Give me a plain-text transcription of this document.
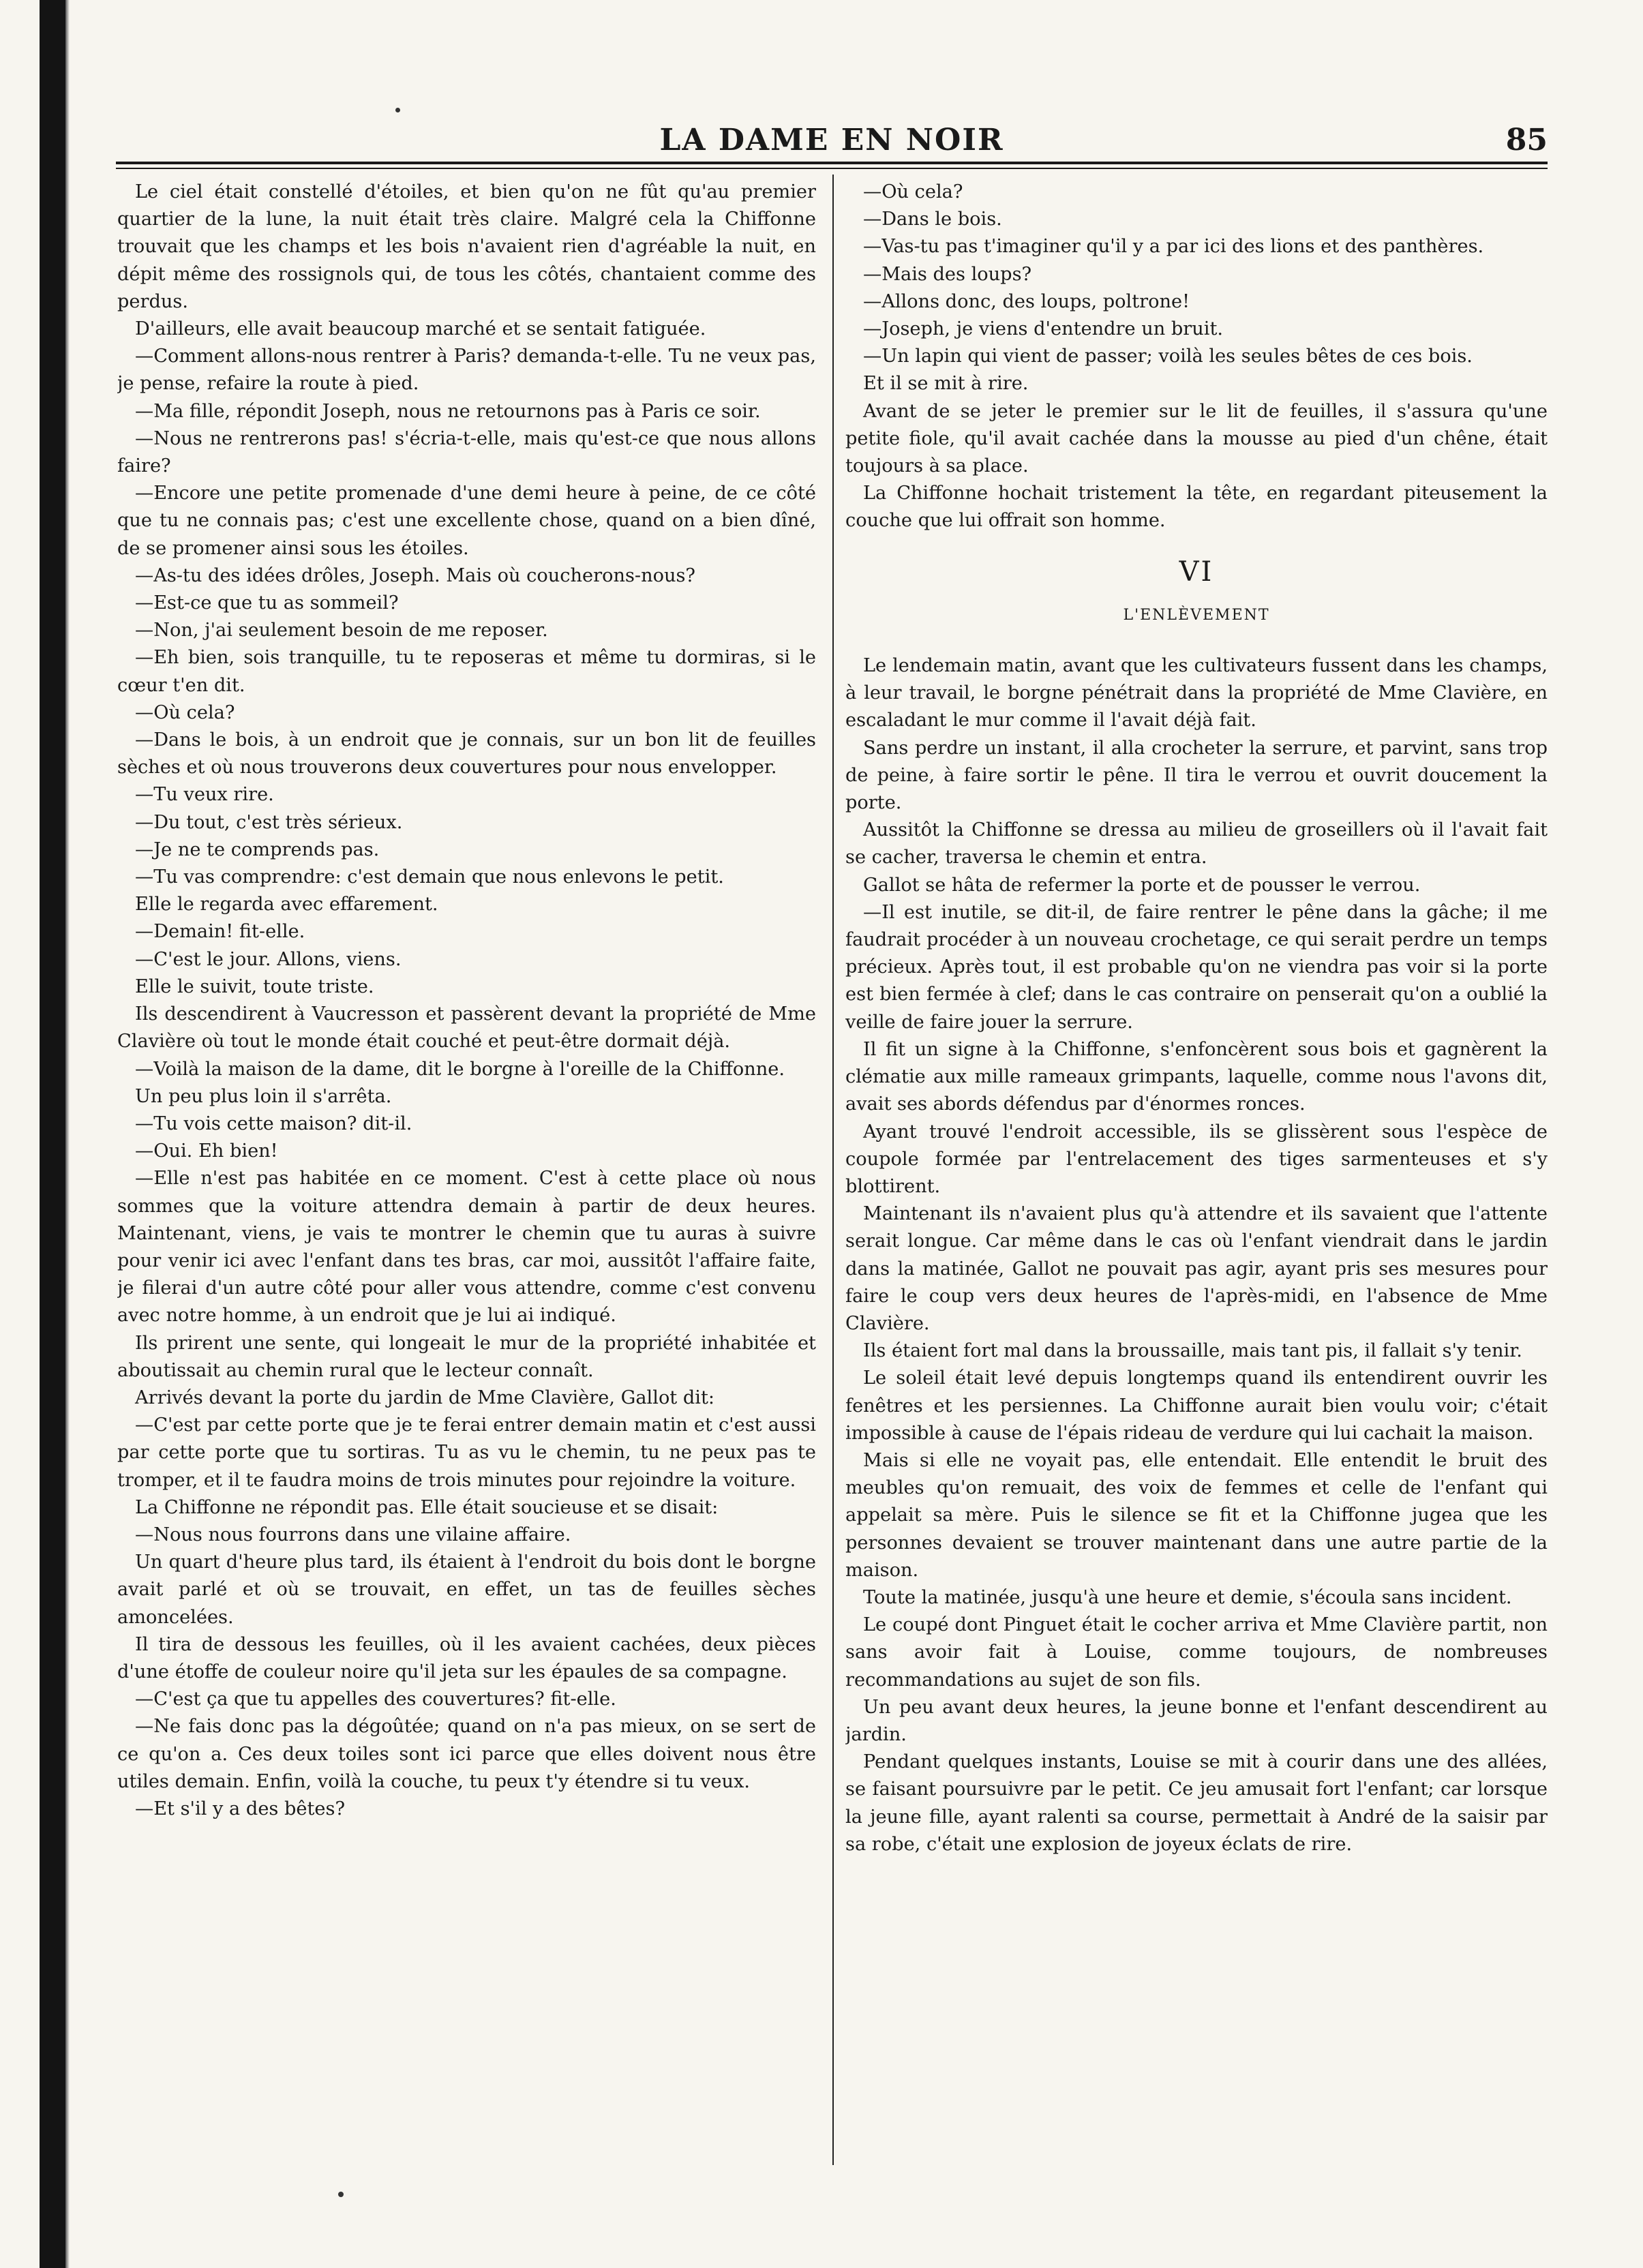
LA DAME EN NOIR	85

Le ciel était constellé d'étoiles, et bien qu'on ne fût qu'au premier quartier de la lune, la nuit était très claire. Malgré cela la Chiffonne trouvait que les champs et les bois n'avaient rien d'agréable la nuit, en dépit même des rossignols qui, de tous les côtés, chantaient comme des perdus.

D'ailleurs, elle avait beaucoup marché et se sentait fatiguée.

—Comment allons-nous rentrer à Paris? demanda-t-elle. Tu ne veux pas, je pense, refaire la route à pied.

—Ma fille, répondit Joseph, nous ne retournons pas à Paris ce soir.

—Nous ne rentrerons pas! s'écria-t-elle, mais qu'est-ce que nous allons faire?

—Encore une petite promenade d'une demi heure à peine, de ce côté que tu ne connais pas; c'est une excellente chose, quand on a bien dîné, de se promener ainsi sous les étoiles.

—As-tu des idées drôles, Joseph. Mais où coucherons-nous?

—Est-ce que tu as sommeil?

—Non, j'ai seulement besoin de me reposer.

—Eh bien, sois tranquille, tu te reposeras et même tu dormiras, si le cœur t'en dit.

—Où cela?

—Dans le bois, à un endroit que je connais, sur un bon lit de feuilles sèches et où nous trouverons deux couvertures pour nous envelopper.

—Tu veux rire.

—Du tout, c'est très sérieux.

—Je ne te comprends pas.

—Tu vas comprendre: c'est demain que nous enlevons le petit.

Elle le regarda avec effarement.

—Demain! fit-elle.

—C'est le jour. Allons, viens.

Elle le suivit, toute triste.

Ils descendirent à Vaucresson et passèrent devant la propriété de Mme Clavière où tout le monde était couché et peut-être dormait déjà.

—Voilà la maison de la dame, dit le borgne à l'oreille de la Chiffonne.

Un peu plus loin il s'arrêta.

—Tu vois cette maison? dit-il.

—Oui. Eh bien!

—Elle n'est pas habitée en ce moment. C'est à cette place où nous sommes que la voiture attendra demain à partir de deux heures. Maintenant, viens, je vais te montrer le chemin que tu auras à suivre pour venir ici avec l'enfant dans tes bras, car moi, aussitôt l'affaire faite, je filerai d'un autre côté pour aller vous attendre, comme c'est convenu avec notre homme, à un endroit que je lui ai indiqué.

Ils prirent une sente, qui longeait le mur de la propriété inhabitée et aboutissait au chemin rural que le lecteur connaît.

Arrivés devant la porte du jardin de Mme Clavière, Gallot dit:

—C'est par cette porte que je te ferai entrer demain matin et c'est aussi par cette porte que tu sortiras. Tu as vu le chemin, tu ne peux pas te tromper, et il te faudra moins de trois minutes pour rejoindre la voiture.

La Chiffonne ne répondit pas. Elle était soucieuse et se disait:

—Nous nous fourrons dans une vilaine affaire.

Un quart d'heure plus tard, ils étaient à l'endroit du bois dont le borgne avait parlé et où se trouvait, en effet, un tas de feuilles sèches amoncelées.

Il tira de dessous les feuilles, où il les avaient cachées, deux pièces d'une étoffe de couleur noire qu'il jeta sur les épaules de sa compagne.

—C'est ça que tu appelles des couvertures? fit-elle.

—Ne fais donc pas la dégoûtée; quand on n'a pas mieux, on se sert de ce qu'on a. Ces deux toiles sont ici parce que elles doivent nous être utiles demain. Enfin, voilà la couche, tu peux t'y étendre si tu veux.

—Et s'il y a des bêtes?

—Où cela?

—Dans le bois.

—Vas-tu pas t'imaginer qu'il y a par ici des lions et des panthères.

—Mais des loups?

—Allons donc, des loups, poltrone!

—Joseph, je viens d'entendre un bruit.

—Un lapin qui vient de passer; voilà les seules bêtes de ces bois.

Et il se mit à rire.

Avant de se jeter le premier sur le lit de feuilles, il s'assura qu'une petite fiole, qu'il avait cachée dans la mousse au pied d'un chêne, était toujours à sa place.

La Chiffonne hochait tristement la tête, en regardant piteusement la couche que lui offrait son homme.

VI

L'ENLÈVEMENT

Le lendemain matin, avant que les cultivateurs fussent dans les champs, à leur travail, le borgne pénétrait dans la propriété de Mme Clavière, en escaladant le mur comme il l'avait déjà fait.

Sans perdre un instant, il alla crocheter la serrure, et parvint, sans trop de peine, à faire sortir le pêne. Il tira le verrou et ouvrit doucement la porte.

Aussitôt la Chiffonne se dressa au milieu de groseillers où il l'avait fait se cacher, traversa le chemin et entra.

Gallot se hâta de refermer la porte et de pousser le verrou.

—Il est inutile, se dit-il, de faire rentrer le pêne dans la gâche; il me faudrait procéder à un nouveau crochetage, ce qui serait perdre un temps précieux. Après tout, il est probable qu'on ne viendra pas voir si la porte est bien fermée à clef; dans le cas contraire on penserait qu'on a oublié la veille de faire jouer la serrure.

Il fit un signe à la Chiffonne, s'enfoncèrent sous bois et gagnèrent la clématie aux mille rameaux grimpants, laquelle, comme nous l'avons dit, avait ses abords défendus par d'énormes ronces.

Ayant trouvé l'endroit accessible, ils se glissèrent sous l'espèce de coupole formée par l'entrelacement des tiges sarmenteuses et s'y blottirent.

Maintenant ils n'avaient plus qu'à attendre et ils savaient que l'attente serait longue. Car même dans le cas où l'enfant viendrait dans le jardin dans la matinée, Gallot ne pouvait pas agir, ayant pris ses mesures pour faire le coup vers deux heures de l'après-midi, en l'absence de Mme Clavière.

Ils étaient fort mal dans la broussaille, mais tant pis, il fallait s'y tenir.

Le soleil était levé depuis longtemps quand ils entendirent ouvrir les fenêtres et les persiennes. La Chiffonne aurait bien voulu voir; c'était impossible à cause de l'épais rideau de verdure qui lui cachait la maison.

Mais si elle ne voyait pas, elle entendait. Elle entendit le bruit des meubles qu'on remuait, des voix de femmes et celle de l'enfant qui appelait sa mère. Puis le silence se fit et la Chiffonne jugea que les personnes devaient se trouver maintenant dans une autre partie de la maison.

Toute la matinée, jusqu'à une heure et demie, s'écoula sans incident.

Le coupé dont Pinguet était le cocher arriva et Mme Clavière partit, non sans avoir fait à Louise, comme toujours, de nombreuses recommandations au sujet de son fils.

Un peu avant deux heures, la jeune bonne et l'enfant descendirent au jardin.

Pendant quelques instants, Louise se mit à courir dans une des allées, se faisant poursuivre par le petit. Ce jeu amusait fort l'enfant; car lorsque la jeune fille, ayant ralenti sa course, permettait à André de la saisir par sa robe, c'était une explosion de joyeux éclats de rire.
